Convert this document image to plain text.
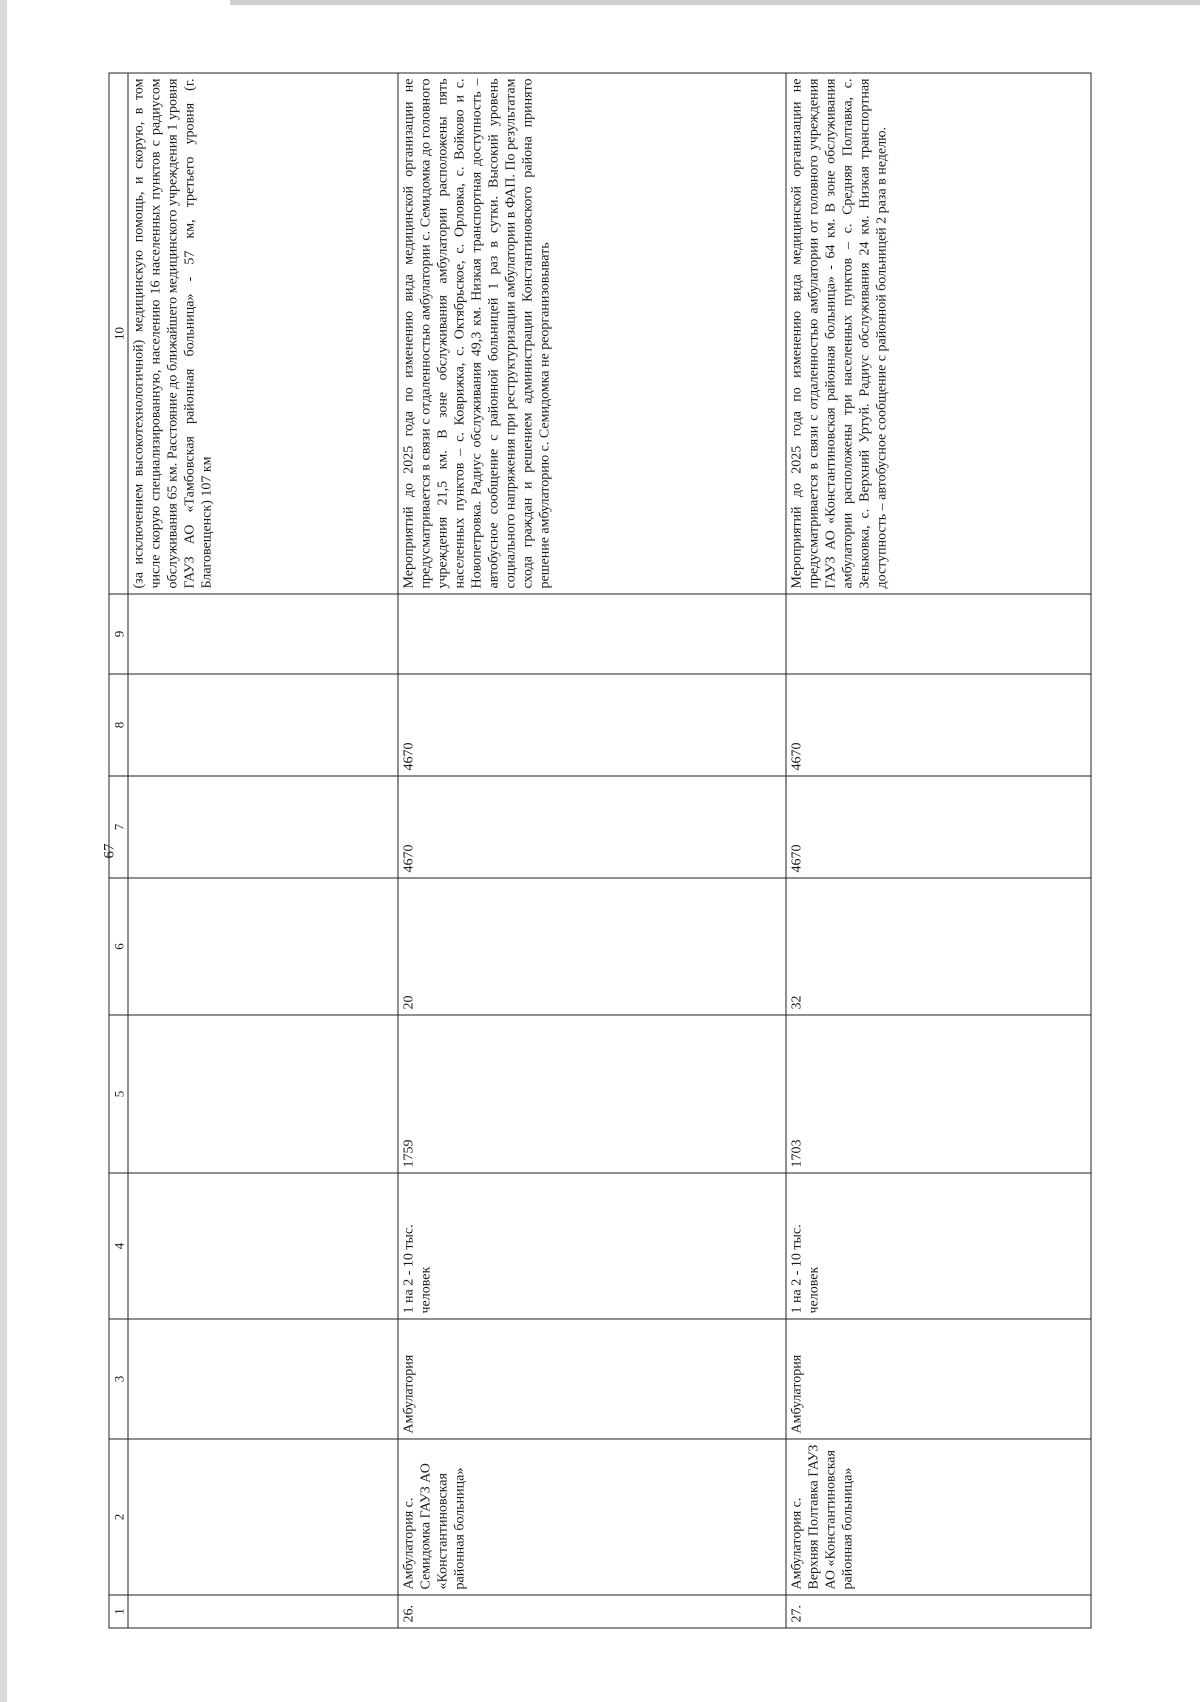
67
1	2	3	4	5	6	7	8	9	10
									(за исключением высокотехнологичной) медицинскую помощь, и скорую, в том числе скорую специализированную, населению 16 населенных пунктов с радиусом обслуживания 65 км. Расстояние до ближайшего медицинского учреждения 1 уровня ГАУЗ АО «Тамбовская районная больница» - 57 км, третьего уровня (г. Благовещенск) 107 км
26.	Амбулатория с. Семидомка ГАУЗ АО «Константиновская районная больница»	Амбулатория	1 на 2 - 10 тыс. человек	1759	20	4670	4670		Мероприятий до 2025 года по изменению вида медицинской организации не предусматривается в связи с отдаленностью амбулатории с. Семидомка до головного учреждения 21,5 км. В зоне обслуживания амбулатории расположены пять населенных пунктов – с. Коврижка, с. Октябрьское, с. Орловка, с. Войково и с. Новопетровка. Радиус обслуживания 49,3 км. Низкая транспортная доступность – автобусное сообщение с районной больницей 1 раз в сутки. Высокий уровень социального напряжения при реструктуризации амбулатории в ФАП. По результатам схода граждан и решением администрации Константиновского района принято решение амбулаторию с. Семидомка не реорганизовывать
27.	Амбулатория с. Верхняя Полтавка ГАУЗ АО «Константиновская районная больница»	Амбулатория	1 на 2 - 10 тыс. человек	1703	32	4670	4670		Мероприятий до 2025 года по изменению вида медицинской организации не предусматривается в связи с отдаленностью амбулатории от головного учреждения ГАУЗ АО «Константиновская районная больница» - 64 км. В зоне обслуживания амбулатории расположены три населенных пунктов – с. Средняя Полтавка, с. Зеньковка, с. Верхний Уртуй. Радиус обслуживания 24 км. Низкая транспортная доступность – автобусное сообщение с районной больницей 2 раза в неделю.
